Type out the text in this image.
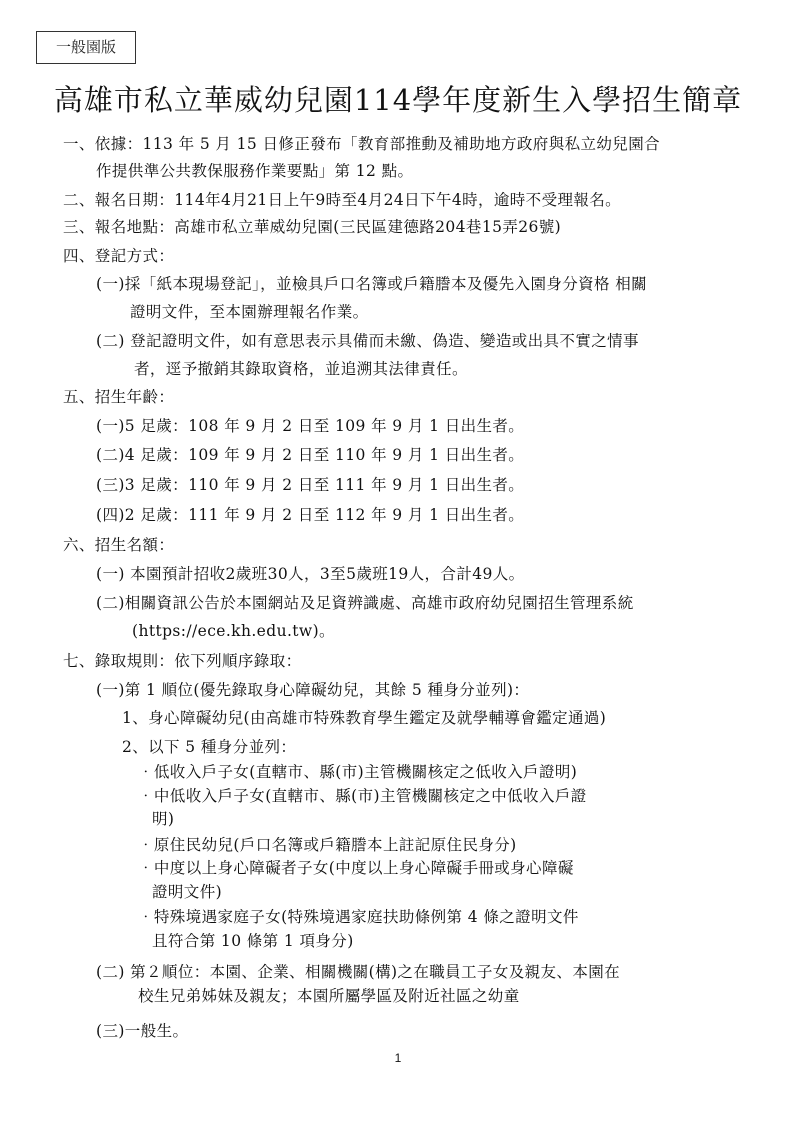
一般園版
高雄市私立華威幼兒園114學年度新生入學招生簡章
一、依據：113 年 5 月 15 日修正發布「教育部推動及補助地方政府與私立幼兒園合
作提供準公共教保服務作業要點」第 12 點。
二、報名日期：114年4月21日上午9時至4月24日下午4時，逾時不受理報名。
三、報名地點：高雄市私立華威幼兒園(三民區建德路204巷15弄26號)
四、登記方式：
(一)採「紙本現場登記」，並檢具戶口名簿或戶籍謄本及優先入園身分資格 相關
證明文件，至本園辦理報名作業。
(二) 登記證明文件，如有意思表示具備而未繳、偽造、變造或出具不實之情事
者，逕予撤銷其錄取資格，並追溯其法律責任。
五、招生年齡：
(一)5 足歲：108 年 9 月 2 日至 109 年 9 月 1 日出生者。
(二)4 足歲：109 年 9 月 2 日至 110 年 9 月 1 日出生者。
(三)3 足歲：110 年 9 月 2 日至 111 年 9 月 1 日出生者。
(四)2 足歲：111 年 9 月 2 日至 112 年 9 月 1 日出生者。
六、招生名額：
(一) 本園預計招收2歲班30人，3至5歲班19人，合計49人。
(二)相關資訊公告於本園網站及足資辨識處、高雄市政府幼兒園招生管理系統
(https://ece.kh.edu.tw)。
七、錄取規則：依下列順序錄取：
(一)第 1 順位(優先錄取身心障礙幼兒，其餘 5 種身分並列)：
1、身心障礙幼兒(由高雄市特殊教育學生鑑定及就學輔導會鑑定通過)
2、以下 5 種身分並列：
‧低收入戶子女(直轄市、縣(市)主管機關核定之低收入戶證明)
‧中低收入戶子女(直轄市、縣(市)主管機關核定之中低收入戶證
明)
‧原住民幼兒(戶口名簿或戶籍謄本上註記原住民身分)
‧中度以上身心障礙者子女(中度以上身心障礙手冊或身心障礙
證明文件)
‧特殊境遇家庭子女(特殊境遇家庭扶助條例第 4 條之證明文件
且符合第 10 條第 1 項身分)
(二) 第２順位：本園、企業、相關機關(構)之在職員工子女及親友、本園在
校生兄弟姊妹及親友；本園所屬學區及附近社區之幼童
(三)一般生。
1
